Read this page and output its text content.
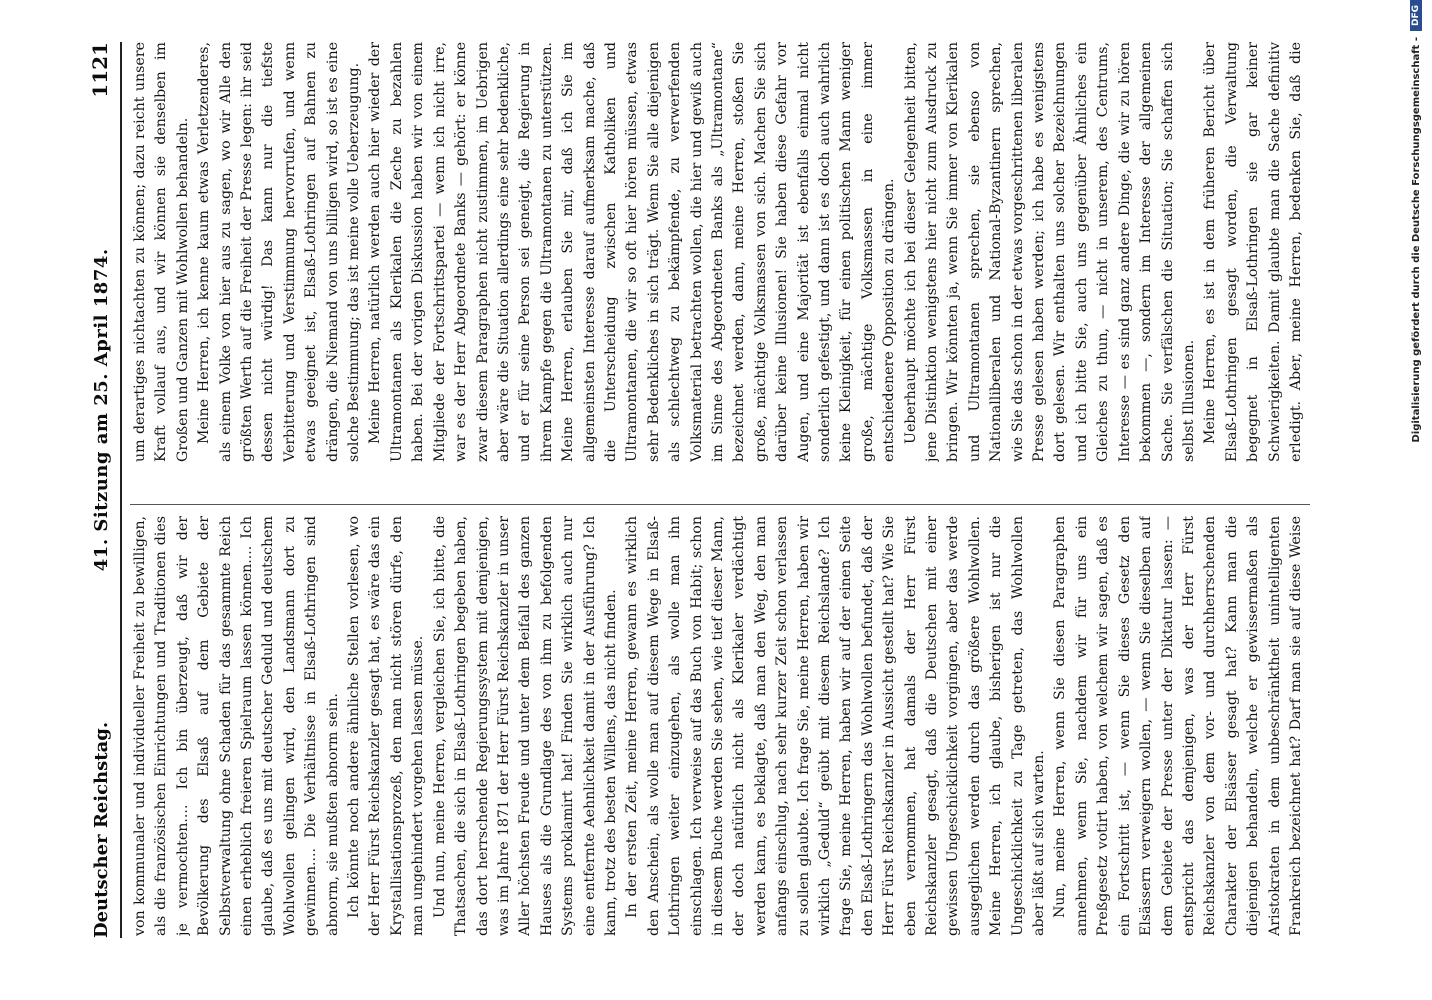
Deutscher Reichstag.
41. Sitzung am 25. April 1874.
1121

von kommunaler und individueller Freiheit zu bewilligen, als die französischen Einrichtungen und Traditionen dies je vermochten.... Ich bin überzeugt, daß wir der Bevölkerung des Elsaß auf dem Gebiete der Selbstverwaltung ohne Schaden für das gesammte Reich einen erheblich freieren Spielraum lassen können.... Ich glaube, daß es uns mit deutscher Geduld und deutschem Wohlwollen gelingen wird, den Landsmann dort zu gewinnen.... Die Verhältnisse in Elsaß-Lothringen sind abnorm, sie mußten abnorm sein. Ich könnte noch andere ähnliche Stellen vorlesen, wo der Herr Fürst Reichskanzler gesagt hat, es wäre das ein Krystallisationsprozeß, den man nicht stören dürfe, den man ungehindert vorgehen lassen müsse. Und nun, meine Herren, vergleichen Sie, ich bitte, die Thatsachen, die sich in Elsaß-Lothringen begeben haben, das dort herrschende Regierungssystem mit demjenigen, was im Jahre 1871 der Herr Fürst Reichskanzler in unser Aller höchsten Freude und unter dem Beifall des ganzen Hauses als die Grundlage des von ihm zu befolgenden Systems proklamirt hat! Finden Sie wirklich auch nur eine entfernte Aehnlichkeit damit in der Ausführung? Ich kann, trotz des besten Willens, das nicht finden. In der ersten Zeit, meine Herren, gewann es wirklich den Anschein, als wolle man auf diesem Wege in Elsaß-Lothringen weiter einzugehen, als wolle man ihn einschlagen. Ich verweise auf das Buch von Habit; schon in diesem Buche werden Sie sehen, wie tief dieser Mann, der doch natürlich nicht als Klerikaler verdächtigt werden kann, es beklagte, daß man den Weg, den man anfangs einschlug, nach sehr kurzer Zeit schon verlassen zu sollen glaubte. Ich frage Sie, meine Herren, haben wir wirklich „Geduld“ geübt mit diesem Reichslande? Ich frage Sie, meine Herren, haben wir auf der einen Seite den Elsaß-Lothringern das Wohlwollen befundet, daß der Herr Fürst Reichskanzler in Aussicht gestellt hat? Wie Sie eben vernommen, hat damals der Herr Fürst Reichskanzler gesagt, daß die Deutschen mit einer gewissen Ungeschicklichkeit vorgingen, aber das werde ausgeglichen werden durch das größere Wohlwollen. Meine Herren, ich glaube, bisherigen ist nur die Ungeschicklichkeit zu Tage getreten, das Wohlwollen aber läßt auf sich warten. Nun, meine Herren, wenn Sie diesen Paragraphen annehmen, wenn Sie, nachdem wir für uns ein Preßgesetz votirt haben, von welchem wir sagen, daß es ein Fortschritt ist, — wenn Sie dieses Gesetz den Elsässern verweigern wollen, — wenn Sie dieselben auf dem Gebiete der Presse unter der Diktatur lassen: — entspricht das demjenigen, was der Herr Fürst Reichskanzler von dem vor- und durchherrschenden Charakter der Elsässer gesagt hat? Kann man die diejenigen behandeln, welche er gewissermaßen als Aristokraten in dem unbeschränktheit unintelligenten Frankreich bezeichnet hat? Darf man sie auf diese Weise

um derartiges nichtachten zu können; dazu reicht unsere Kraft vollauf aus, und wir können sie denselben im Großen und Ganzen mit Wohlwollen behandeln. Meine Herren, ich kenne kaum etwas Verletzenderes, als einem Volke von hier aus zu sagen, wo wir Alle den größten Werth auf die Freiheit der Presse legen: ihr seid dessen nicht würdig! Das kann nur die tiefste Verbitterung und Verstimmung hervorrufen, und wenn etwas geeignet ist, Elsaß-Lothringen auf Bahnen zu drängen, die Niemand von uns billigen wird, so ist es eine solche Bestimmung; das ist meine volle Ueberzeugung. Meine Herren, natürlich werden auch hier wieder der Ultramontanen als Klerikalen die Zeche zu bezahlen haben. Bei der vorigen Diskussion haben wir von einem Mitgliede der Fortschrittspartei — wenn ich nicht irre, war es der Herr Abgeordnete Banks — gehört: er könne zwar diesem Paragraphen nicht zustimmen, im Uebrigen aber wäre die Situation allerdings eine sehr bedenkliche, und er für seine Person sei geneigt, die Regierung in ihrem Kampfe gegen die Ultramontanen zu unterstützen. Meine Herren, erlauben Sie mir, daß ich Sie im allgemeinsten Interesse darauf aufmerksam mache, daß die Unterscheidung zwischen Katholiken und Ultramontanen, die wir so oft hier hören müssen, etwas sehr Bedenkliches in sich trägt. Wenn Sie alle diejenigen als schlechtweg zu bekämpfende, zu verwerfenden Volksmaterial betrachten wollen, die hier und gewiß auch im Sinne des Abgeordneten Banks als „Ultramontane“ bezeichnet werden, dann, meine Herren, stoßen Sie große, mächtige Volksmassen von sich. Machen Sie sich darüber keine Illusionen! Sie haben diese Gefahr vor Augen, und eine Majorität ist ebenfalls einmal nicht sonderlich gefestigt, und dann ist es doch auch wahrlich keine Kleinigkeit, für einen politischen Mann weniger große, mächtige Volksmassen in eine immer entschiedenere Opposition zu drängen. Ueberhaupt möchte ich bei dieser Gelegenheit bitten, jene Distinktion wenigstens hier nicht zum Ausdruck zu bringen. Wir könnten ja, wenn Sie immer von Klerikalen und Ultramontanen sprechen, sie ebenso von Nationalliberalen und National-Byzantinern sprechen, wie Sie das schon in der etwas vorgeschrittenen liberalen Presse gelesen haben werden; ich habe es wenigstens dort gelesen. Wir enthalten uns solcher Bezeichnungen und ich bitte Sie, auch uns gegenüber Ähnliches ein Gleiches zu thun, — nicht in unserem, des Centrums, Interesse — es sind ganz andere Dinge, die wir zu hören bekommen —, sondern im Interesse der allgemeinen Sache. Sie verfälschen die Situation; Sie schaffen sich selbst Illusionen. Meine Herren, es ist in dem früheren Bericht über Elsaß-Lothringen gesagt worden, die Verwaltung begegnet in Elsaß-Lothringen sie gar keiner Schwierigkeiten. Damit glaubte man die Sache definitiv erledigt. Aber, meine Herren, bedenken Sie, daß die	Digitalisierung gefördert durch die Deutsche Forschungsgemeinschaft -
DFG
